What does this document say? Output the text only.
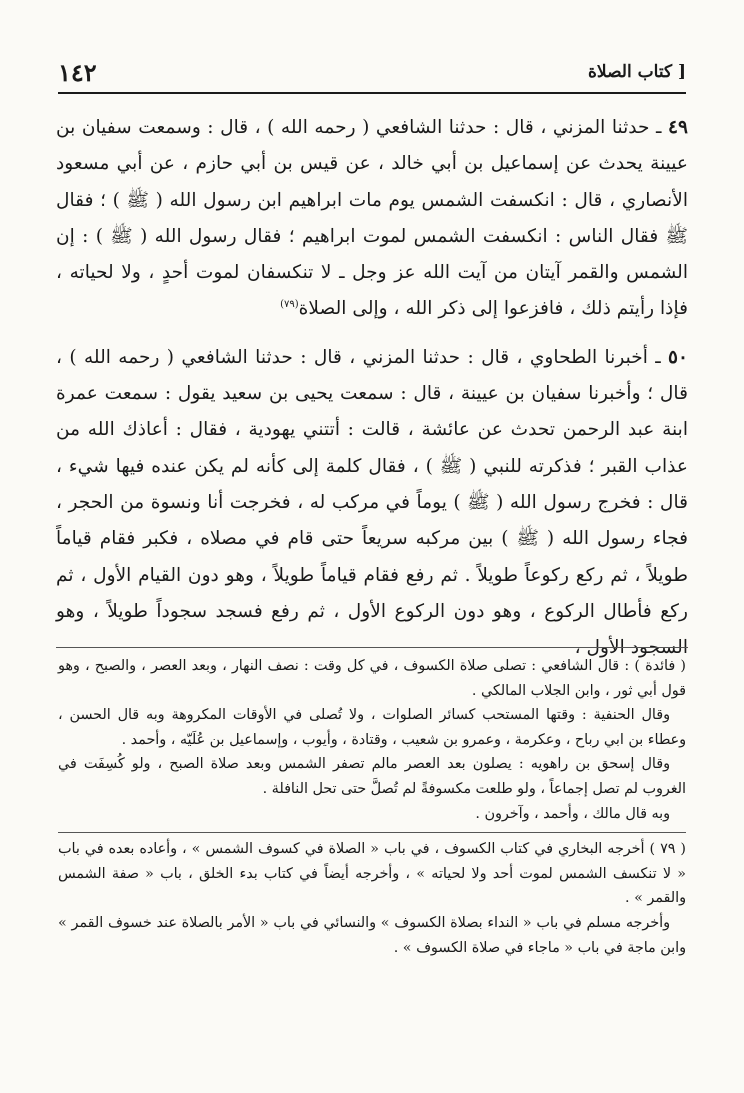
[ كتاب الصلاة
١٤٢

٤٩ ـ حدثنا المزني ، قال : حدثنا الشافعي ( رحمه الله ) ، قال : وسمعت سفيان بن عيينة يحدث عن إسماعيل بن أبي خالد ، عن قيس بن أبي حازم ، عن أبي مسعود الأنصاري ، قال : انكسفت الشمس يوم مات ابراهيم ابن رسول الله ( ﷺ ) ؛ فقال ﷺ فقال الناس : انكسفت الشمس لموت ابراهيم ؛ فقال رسول الله ( ﷺ ) : إن الشمس والقمر آيتان من آيت الله عز وجل ـ لا تنكسفان لموت أحدٍ ، ولا لحياته ، فإذا رأيتم ذلك ، فافزعوا إلى ذكر الله ، وإلى الصلاة$^{(٧٩)}$

٥٠ ـ أخبرنا الطحاوي ، قال : حدثنا المزني ، قال : حدثنا الشافعي ( رحمه الله ) ، قال ؛ وأخبرنا سفيان بن عيينة ، قال : سمعت يحيى بن سعيد يقول : سمعت عمرة ابنة عبد الرحمن تحدث عن عائشة ، قالت : أتتني يهودية ، فقال : أعاذك الله من عذاب القبر ؛ فذكرته للنبي ( ﷺ ) ، فقال كلمة إلى كأنه لم يكن عنده فيها شيء ، قال : فخرج رسول الله ( ﷺ ) يوماً في مركب له ، فخرجت أنا ونسوة من الحجر ، فجاء رسول الله ( ﷺ ) بين مركبه سريعاً حتى قام في مصلاه ، فكبر فقام قياماً طويلاً ، ثم ركع ركوعاً طويلاً . ثم رفع فقام قياماً طويلاً ، وهو دون القيام الأول ، ثم ركع فأطال الركوع ، وهو دون الركوع الأول ، ثم رفع فسجد سجوداً طويلاً ، وهو السجود الأول ،

( فائدة ) : قال الشافعي : تصلى صلاة الكسوف ، في كل وقت : نصف النهار ، وبعد العصر ، والصبح ، وهو قول أبي ثور ، وابن الجلاب المالكي .

وقال الحنفية : وقتها المستحب كسائر الصلوات ، ولا تُصلى في الأوقات المكروهة وبه قال الحسن ، وعطاء بن ابي رباح ، وعكرمة ، وعمرو بن شعيب ، وقتادة ، وأيوب ، وإسماعيل بن عُلَيّه ، وأحمد .

وقال إسحق بن راهويه : يصلون بعد العصر مالم تصفر الشمس وبعد صلاة الصبح ، ولو كُسِفَت في الغروب لم تصل إجماعاً ، ولو طلعت مكسوفةً لم تُصلَّ حتى تحل النافلة .

وبه قال مالك ، وأحمد ، وآخرون .

( ٧٩ ) أخرجه البخاري في كتاب الكسوف ، في باب « الصلاة في كسوف الشمس » ، وأعاده بعده في باب « لا تنكسف الشمس لموت أحد ولا لحياته » ، وأخرجه أيضاً في كتاب بدء الخلق ، باب « صفة الشمس والقمر » .

وأخرجه مسلم في باب « النداء بصلاة الكسوف » والنسائي في باب « الأمر بالصلاة عند خسوف القمر » وابن ماجة في باب « ماجاء في صلاة الكسوف » .
